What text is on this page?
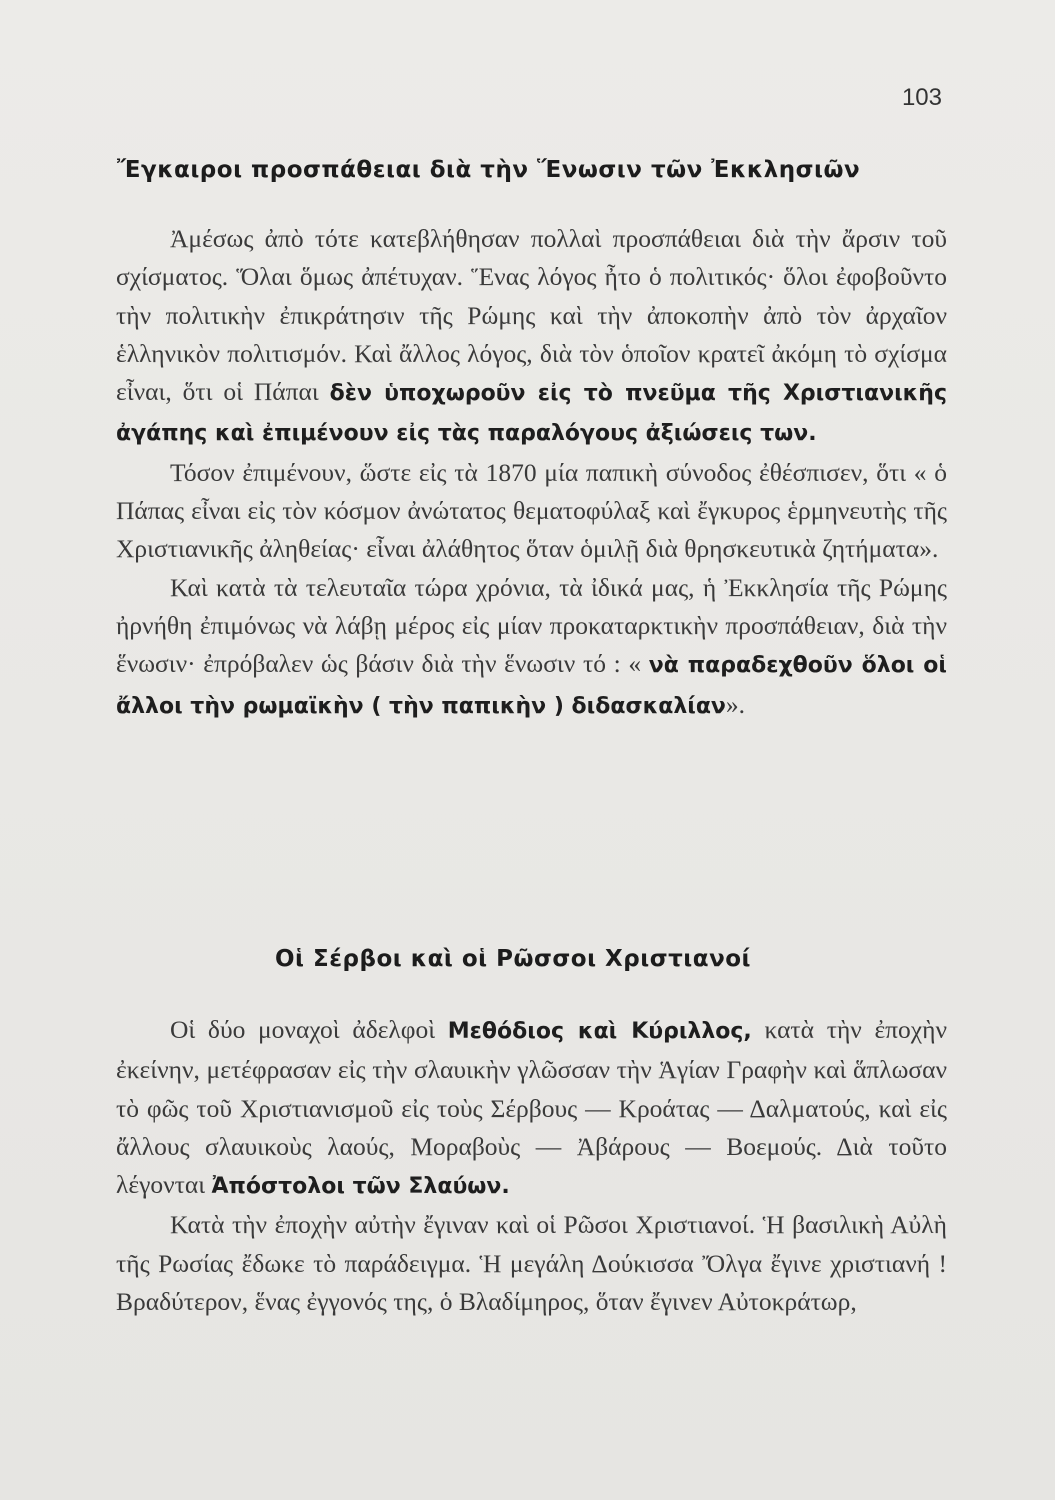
103
Ἔγκαιροι προσπάθειαι διὰ τὴν Ἕνωσιν τῶν Ἐκκλησιῶν

Ἀμέσως ἀπὸ τότε κατεβλήθησαν πολλαὶ προσπάθειαι διὰ τὴν ἄρσιν τοῦ σχίσματος. Ὅλαι ὅμως ἀπέτυχαν. Ἕνας λόγος ἦτο ὁ πολιτικός· ὅλοι ἐφοβοῦντο τὴν πολιτικὴν ἐπικράτησιν τῆς Ρώμης καὶ τὴν ἀποκοπὴν ἀπὸ τὸν ἀρχαῖον ἑλληνικὸν πολιτισμόν. Καὶ ἄλλος λόγος, διὰ τὸν ὁποῖον κρατεῖ ἀκόμη τὸ σχίσμα εἶναι, ὅτι οἱ Πάπαι δὲν ὑποχωροῦν εἰς τὸ πνεῦμα τῆς Χριστιανικῆς ἀγάπης καὶ ἐπιμένουν εἰς τὰς παραλόγους ἀξιώσεις των.

Τόσον ἐπιμένουν, ὥστε εἰς τὰ 1870 μία παπικὴ σύνοδος ἐθέσπισεν, ὅτι « ὁ Πάπας εἶναι εἰς τὸν κόσμον ἀνώτατος θεματοφύλαξ καὶ ἔγκυρος ἑρμηνευτὴς τῆς Χριστιανικῆς ἀληθείας· εἶναι ἀλάθητος ὅταν ὁμιλῇ διὰ θρησκευτικὰ ζητήματα».

Καὶ κατὰ τὰ τελευταῖα τώρα χρόνια, τὰ ἰδικά μας, ἡ Ἐκκλησία τῆς Ρώμης ἠρνήθη ἐπιμόνως νὰ λάβῃ μέρος εἰς μίαν προκαταρκτικὴν προσπάθειαν, διὰ τὴν ἕνωσιν· ἐπρόβαλεν ὡς βάσιν διὰ τὴν ἕνωσιν τό : « νὰ παραδεχθοῦν ὅλοι οἱ ἄλλοι τὴν ρωμαϊκὴν ( τὴν παπικὴν ) διδασκαλίαν».

Οἱ Σέρβοι καὶ οἱ Ρῶσσοι Χριστιανοί

Οἱ δύο μοναχοὶ ἀδελφοὶ Μεθόδιος καὶ Κύριλλος, κατὰ τὴν ἐποχὴν ἐκείνην, μετέφρασαν εἰς τὴν σλαυικὴν γλῶσσαν τὴν Ἁγίαν Γραφὴν καὶ ἅπλωσαν τὸ φῶς τοῦ Χριστιανισμοῦ εἰς τοὺς Σέρβους — Κροάτας — Δαλματούς, καὶ εἰς ἄλλους σλαυικοὺς λαούς, Μοραβοὺς — Ἀβάρους — Βοεμούς. Διὰ τοῦτο λέγονται Ἀπόστολοι τῶν Σλαύων.

Κατὰ τὴν ἐποχὴν αὐτὴν ἔγιναν καὶ οἱ Ρῶσοι Χριστιανοί. Ἡ βασιλικὴ Αὐλὴ τῆς Ρωσίας ἔδωκε τὸ παράδειγμα. Ἡ μεγάλη Δούκισσα Ὄλγα ἔγινε χριστιανή ! Βραδύτερον, ἕνας ἐγγονός της, ὁ Βλαδίμηρος, ὅταν ἔγινεν Αὐτοκράτωρ,
